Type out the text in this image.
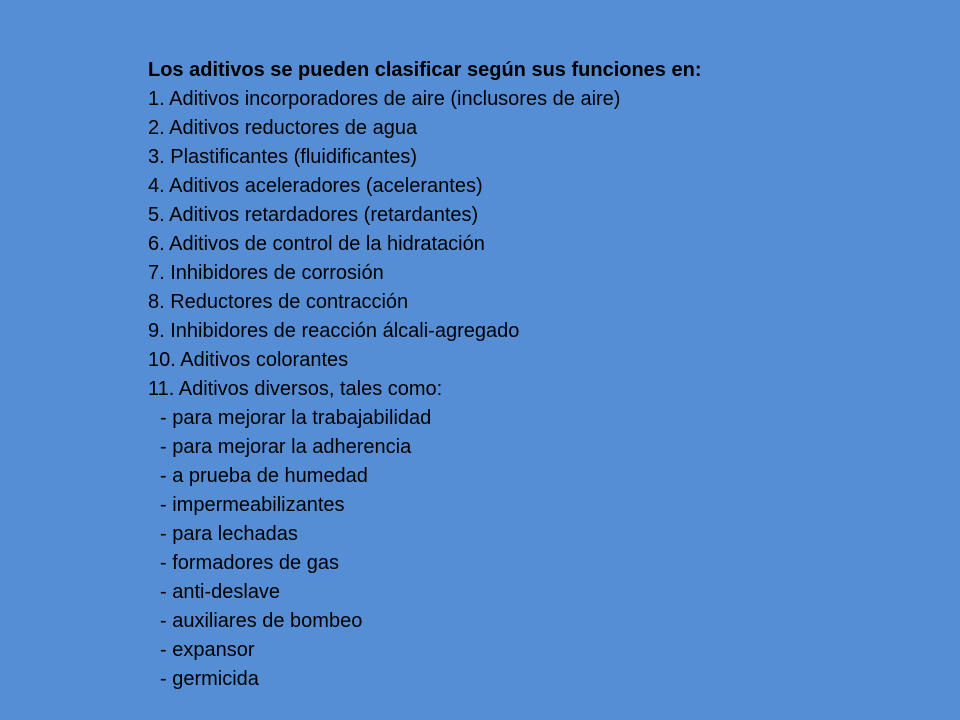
Los aditivos se pueden clasificar según sus funciones en:

1. Aditivos incorporadores de aire (inclusores de aire)
2. Aditivos reductores de agua
3. Plastificantes (fluidificantes)
4. Aditivos aceleradores (acelerantes)
5. Aditivos retardadores (retardantes)
6. Aditivos de control de la hidratación
7. Inhibidores de corrosión
8. Reductores de contracción
9. Inhibidores de reacción álcali-agregado
10. Aditivos colorantes
11. Aditivos diversos, tales como:
- para mejorar la trabajabilidad
- para mejorar la adherencia
- a prueba de humedad
- impermeabilizantes
- para lechadas
- formadores de gas
- anti-deslave
- auxiliares de bombeo
- expansor
- germicida
